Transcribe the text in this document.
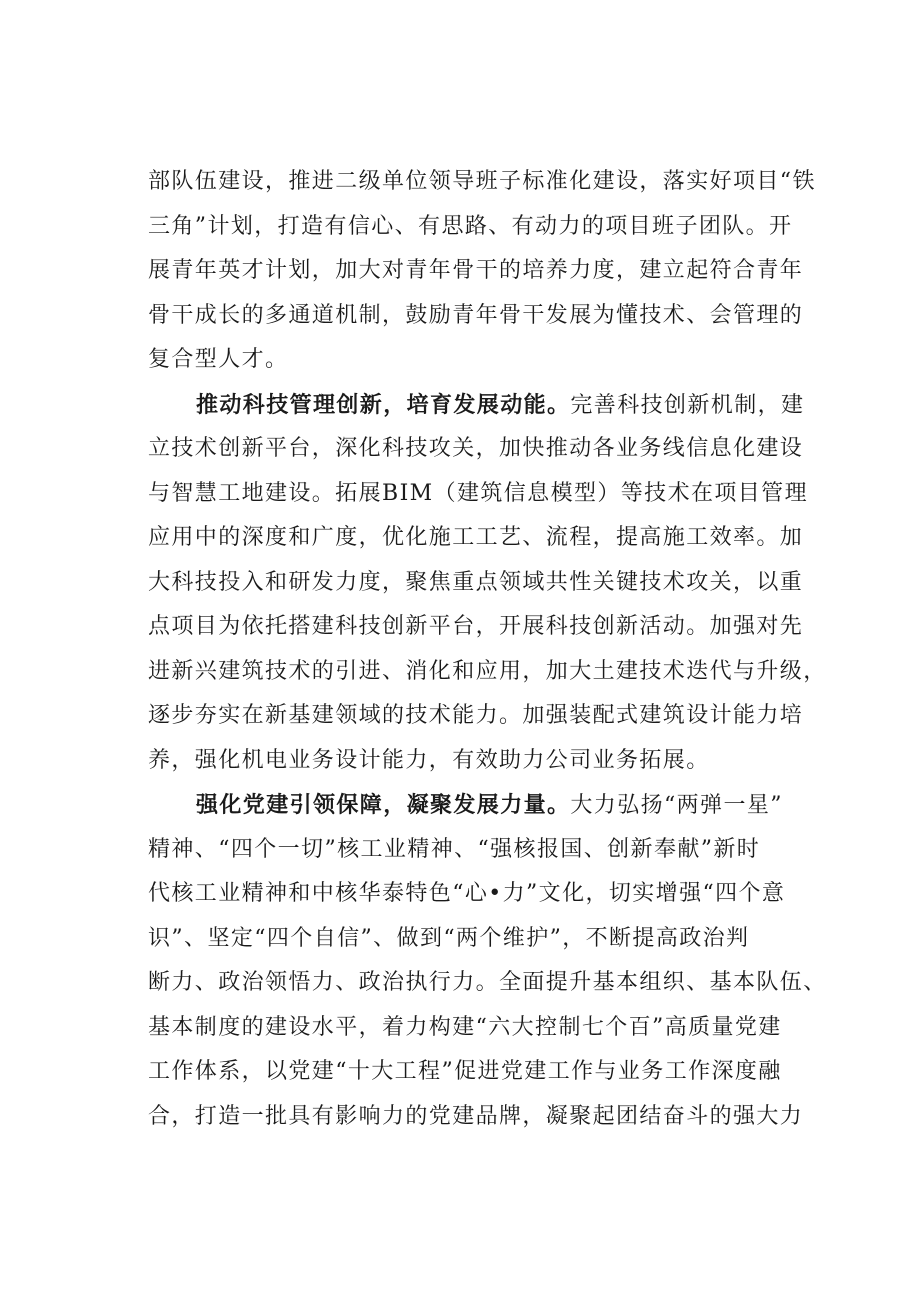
部队伍建设，推进二级单位领导班子标准化建设，落实好项目“铁
三角”计划，打造有信心、有思路、有动力的项目班子团队。开
展青年英才计划，加大对青年骨干的培养力度，建立起符合青年
骨干成长的多通道机制，鼓励青年骨干发展为懂技术、会管理的
复合型人才。
推动科技管理创新，培育发展动能。完善科技创新机制，建
立技术创新平台，深化科技攻关，加快推动各业务线信息化建设
与智慧工地建设。拓展BIM（建筑信息模型）等技术在项目管理
应用中的深度和广度，优化施工工艺、流程，提高施工效率。加
大科技投入和研发力度，聚焦重点领域共性关键技术攻关，以重
点项目为依托搭建科技创新平台，开展科技创新活动。加强对先
进新兴建筑技术的引进、消化和应用，加大土建技术迭代与升级，
逐步夯实在新基建领域的技术能力。加强装配式建筑设计能力培
养，强化机电业务设计能力，有效助力公司业务拓展。
强化党建引领保障，凝聚发展力量。大力弘扬“两弹一星”
精神、“四个一切”核工业精神、“强核报国、创新奉献”新时
代核工业精神和中核华泰特色“心•力”文化，切实增强“四个意
识”、坚定“四个自信”、做到“两个维护”，不断提高政治判
断力、政治领悟力、政治执行力。全面提升基本组织、基本队伍、
基本制度的建设水平，着力构建“六大控制七个百”高质量党建
工作体系，以党建“十大工程”促进党建工作与业务工作深度融
合，打造一批具有影响力的党建品牌，凝聚起团结奋斗的强大力
